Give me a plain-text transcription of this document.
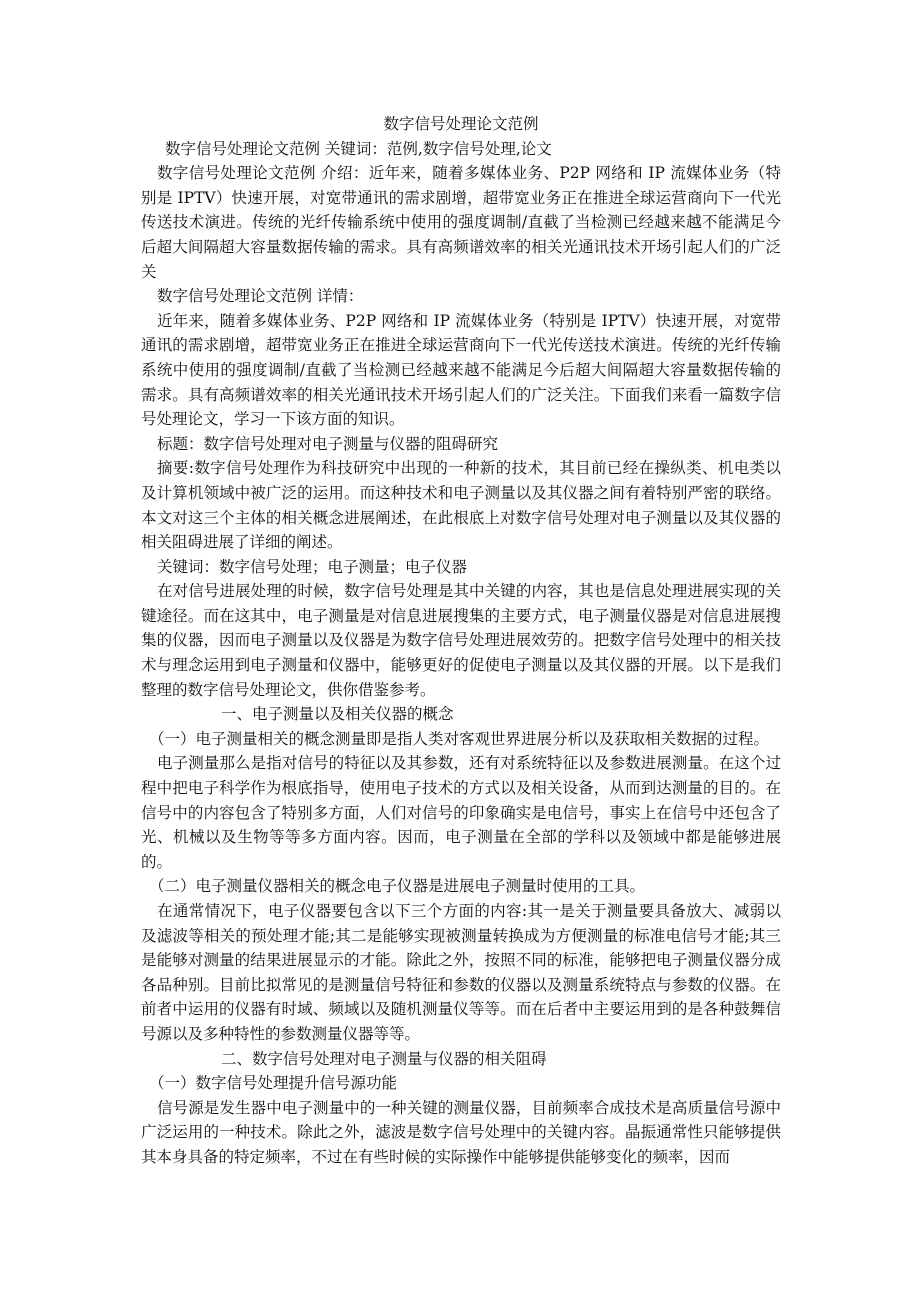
数字信号处理论文范例

数字信号处理论文范例 关键词：范例,数字信号处理,论文

数字信号处理论文范例 介绍：近年来，随着多媒体业务、P2P 网络和 IP 流媒体业务（特别是 IPTV）快速开展，对宽带通讯的需求剧增，超带宽业务正在推进全球运营商向下一代光传送技术演进。传统的光纤传输系统中使用的强度调制/直截了当检测已经越来越不能满足今后超大间隔超大容量数据传输的需求。具有高频谱效率的相关光通讯技术开场引起人们的广泛关

数字信号处理论文范例 详情：

近年来，随着多媒体业务、P2P 网络和 IP 流媒体业务（特别是 IPTV）快速开展，对宽带通讯的需求剧增，超带宽业务正在推进全球运营商向下一代光传送技术演进。传统的光纤传输系统中使用的强度调制/直截了当检测已经越来越不能满足今后超大间隔超大容量数据传输的需求。具有高频谱效率的相关光通讯技术开场引起人们的广泛关注。下面我们来看一篇数字信号处理论文，学习一下该方面的知识。

标题：数字信号处理对电子测量与仪器的阻碍研究

摘要:数字信号处理作为科技研究中出现的一种新的技术，其目前已经在操纵类、机电类以及计算机领域中被广泛的运用。而这种技术和电子测量以及其仪器之间有着特别严密的联络。本文对这三个主体的相关概念进展阐述，在此根底上对数字信号处理对电子测量以及其仪器的相关阻碍进展了详细的阐述。

关键词：数字信号处理；电子测量；电子仪器

在对信号进展处理的时候，数字信号处理是其中关键的内容，其也是信息处理进展实现的关键途径。而在这其中，电子测量是对信息进展搜集的主要方式，电子测量仪器是对信息进展搜集的仪器，因而电子测量以及仪器是为数字信号处理进展效劳的。把数字信号处理中的相关技术与理念运用到电子测量和仪器中，能够更好的促使电子测量以及其仪器的开展。以下是我们整理的数字信号处理论文，供你借鉴参考。

一、电子测量以及相关仪器的概念

（一）电子测量相关的概念测量即是指人类对客观世界进展分析以及获取相关数据的过程。

电子测量那么是指对信号的特征以及其参数，还有对系统特征以及参数进展测量。在这个过程中把电子科学作为根底指导，使用电子技术的方式以及相关设备，从而到达测量的目的。在信号中的内容包含了特别多方面，人们对信号的印象确实是电信号，事实上在信号中还包含了光、机械以及生物等等多方面内容。因而，电子测量在全部的学科以及领域中都是能够进展的。

（二）电子测量仪器相关的概念电子仪器是进展电子测量时使用的工具。

在通常情况下，电子仪器要包含以下三个方面的内容:其一是关于测量要具备放大、减弱以及滤波等相关的预处理才能;其二是能够实现被测量转换成为方便测量的标准电信号才能;其三是能够对测量的结果进展显示的才能。除此之外，按照不同的标准，能够把电子测量仪器分成各品种别。目前比拟常见的是测量信号特征和参数的仪器以及测量系统特点与参数的仪器。在前者中运用的仪器有时域、频域以及随机测量仪等等。而在后者中主要运用到的是各种鼓舞信号源以及多种特性的参数测量仪器等等。

二、数字信号处理对电子测量与仪器的相关阻碍

（一）数字信号处理提升信号源功能

信号源是发生器中电子测量中的一种关键的测量仪器，目前频率合成技术是高质量信号源中广泛运用的一种技术。除此之外，滤波是数字信号处理中的关键内容。晶振通常性只能够提供其本身具备的特定频率，不过在有些时候的实际操作中能够提供能够变化的频率，因而
